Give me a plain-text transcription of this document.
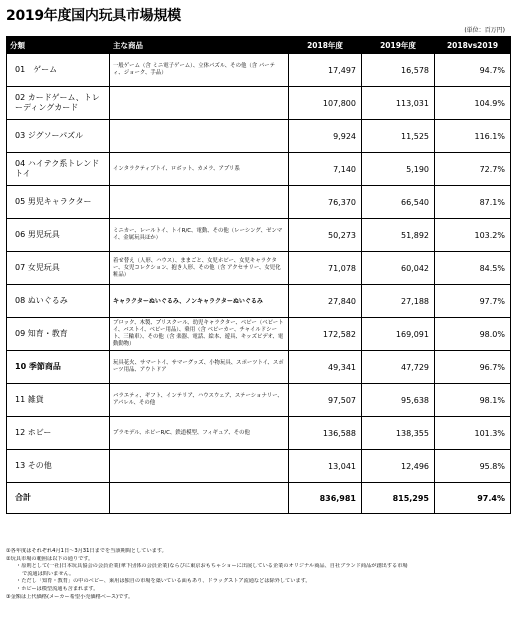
2019年度国内玩具市場規模
(単位：百万円)
分類	主な商品	2018年度	2019年度	2018vs2019
01　ゲーム	一般ゲーム（含 ミニ電子ゲーム）、立体パズル、その他（含 パーティ、ジョーク、手品）	17,497	16,578	94.7%
02 カードゲーム、トレーディングカード		107,800	113,031	104.9%
03 ジグソーパズル		9,924	11,525	116.1%
04 ハイテク系トレンドトイ	インタラクティブトイ、ロボット、カメラ、アプリ系	7,140	5,190	72.7%
05 男児キャラクター		76,370	66,540	87.1%
06 男児玩具	ミニカー、レールトイ、トイR/C、電動、その他（レーシング、ゼンマイ、金属玩具ほか）	50,273	51,892	103.2%
07 女児玩具	着せ替え（人形、ハウス）、ままごと、女児ホビー、女児キャラクター、女児コレクション、抱き人形、その他（含 アクセサリー、女児化粧品）	71,078	60,042	84.5%
08 ぬいぐるみ	キャラクターぬいぐるみ、ノンキャラクターぬいぐるみ	27,840	27,188	97.7%
09 知育・教育	ブロック、木製、プリスクール、幼児キャラクター、ベビー（ベビートイ、バストイ、ベビー用品）、乗用（含 ベビーカー、チャイルドシート、三輪車）、その他（含 楽器、電話、絵本、遊具、キッズビデオ、電動動物）	172,582	169,091	98.0%
10 季節商品	玩具花火、サマートイ、サマーグッズ、小物玩具、スポーツトイ、スポーツ用品、アウトドア	49,341	47,729	96.7%
11 雑貨	バラエティ、ギフト、インテリア、ハウスウェア、ステーショナリー、アパレル、その他	97,507	95,638	98.1%
12 ホビー	プラモデル、ホビーR/C、鉄道模型、フィギュア、その他	136,588	138,355	101.3%
13 その他		13,041	12,496	95.8%
合計		836,981	815,295	97.4%
①各年度はそれぞれ4月1日～3月31日までを当該期間としています。
②玩具市場の範囲は以下の通りです。
・原則として(一社)日本玩具協会の会員企業(傘下団体の会員企業)ならびに東京おもちゃショーに出展している企業のオリジナル商品、自社ブランド商品が創出する市場
で流通は問いません。
・ただし「知育・教育」の中のベビー、乗用は独自の市場を築いている面もあり、ドラッグストア流通などは除外しています。
・ホビーは模型流通も含まれます。
③金額は上代価格(メーカー希望小売価格ベース)です。
